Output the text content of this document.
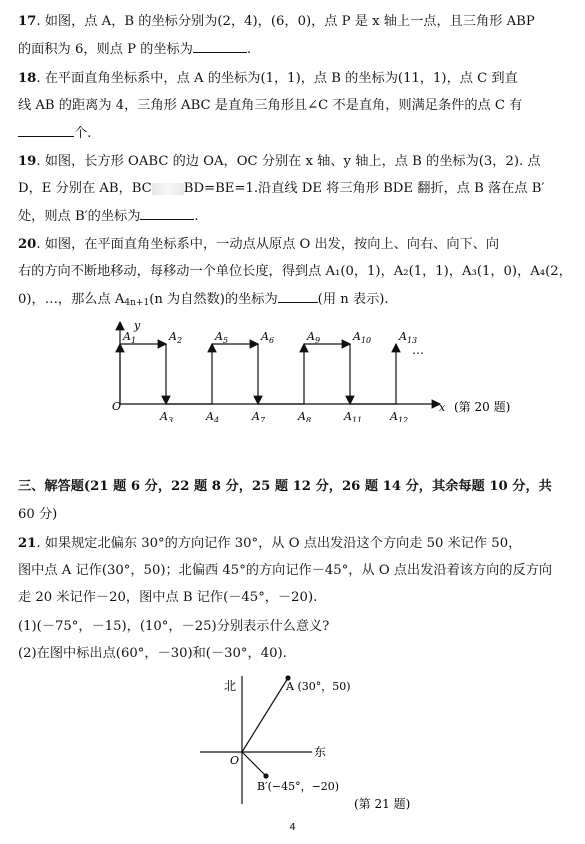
17. 如图，点 A，B 的坐标分别为(2，4)，(6，0)，点 P 是 x 轴上一点，且三角形 ABP
的面积为 6，则点 P 的坐标为	.
18. 在平面直角坐标系中，点 A 的坐标为(1，1)，点 B 的坐标为(11，1)，点 C 到直
线 AB 的距离为 4，三角形 ABC 是直角三角形且∠C 不是直角，则满足条件的点 C 有
个.
19. 如图，长方形 OABC 的边 OA，OC 分别在 x 轴、y 轴上，点 B 的坐标为(3，2). 点
D，E 分别在 AB，BC BD=BE=1.沿直线 DE 将三角形 BDE 翻折，点 B 落在点 B′
处，则点 B′的坐标为	.
20. 如图，在平面直角坐标系中，一动点从原点 O 出发，按向上、向右、向下、向
右的方向不断地移动，每移动一个单位长度，得到点 A₁(0，1)，A₂(1，1)，A₃(1，0)，A₄(2，
0)，…，那么点 $A_{4n+1}(n$ 为自然数)的坐标为	(用 n 表示).
y
x
O
$A_1$	$A_2$	$A_5$	$A_6$	$A_9$	$A_{10}$	$A_{13}$
$A_3$	$A_4$	$A_7$	$A_8$	$A_{11}$	$A_{12}$
…
(第 20 题)
三、解答题(21 题 6 分，22 题 8 分，25 题 12 分，26 题 14 分，其余每题 10 分，共
60 分)
21. 如果规定北偏东 30°的方向记作 30°，从 O 点出发沿这个方向走 50 米记作 50，
图中点 A 记作(30°，50)；北偏西 45°的方向记作－45°，从 O 点出发沿着该方向的反方向
走 20 米记作－20，图中点 B 记作(－45°，－20).
(1)(－75°，－15)，(10°，－25)分别表示什么意义?
(2)在图中标出点(60°，－30)和(－30°，40).
北
东
O
A (30°，50)
B′(−45°，−20)
(第 21 题)
4
